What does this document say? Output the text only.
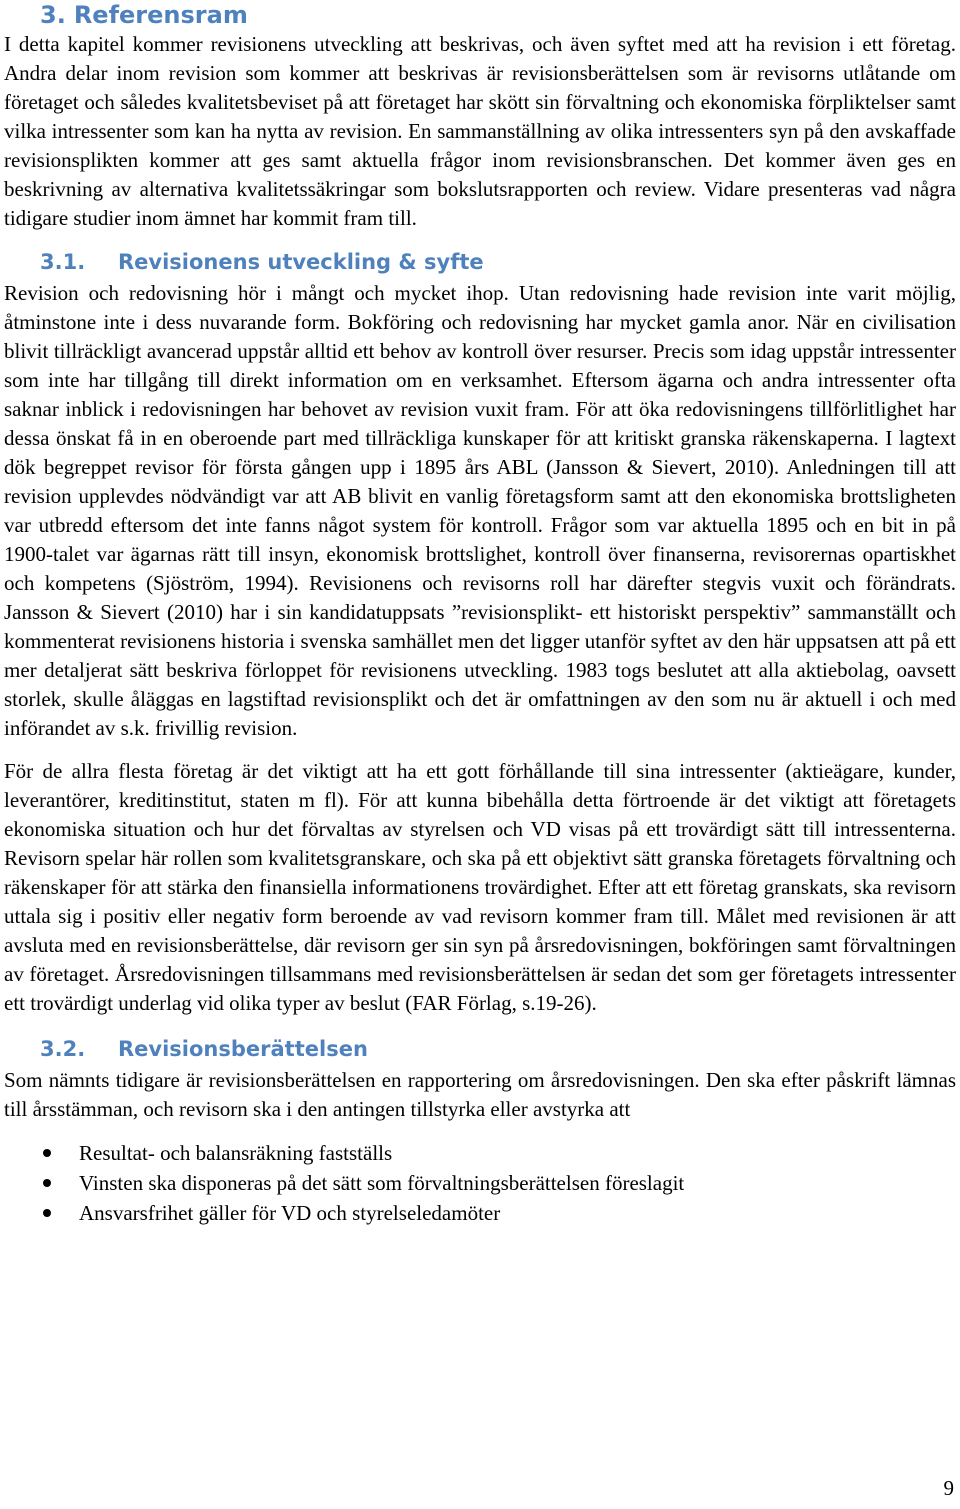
3. Referensram

I detta kapitel kommer revisionens utveckling att beskrivas, och även syftet med att ha revision i ett företag. Andra delar inom revision som kommer att beskrivas är revisionsberättelsen som är revisorns utlåtande om företaget och således kvalitetsbeviset på att företaget har skött sin förvaltning och ekonomiska förpliktelser samt vilka intressenter som kan ha nytta av revision. En sammanställning av olika intressenters syn på den avskaffade revisionsplikten kommer att ges samt aktuella frågor inom revisionsbranschen. Det kommer även ges en beskrivning av alternativa kvalitetssäkringar som bokslutsrapporten och review. Vidare presenteras vad några tidigare studier inom ämnet har kommit fram till.

3.1. Revisionens utveckling & syfte

Revision och redovisning hör i mångt och mycket ihop. Utan redovisning hade revision inte varit möjlig, åtminstone inte i dess nuvarande form. Bokföring och redovisning har mycket gamla anor. När en civilisation blivit tillräckligt avancerad uppstår alltid ett behov av kontroll över resurser. Precis som idag uppstår intressenter som inte har tillgång till direkt information om en verksamhet. Eftersom ägarna och andra intressenter ofta saknar inblick i redovisningen har behovet av revision vuxit fram. För att öka redovisningens tillförlitlighet har dessa önskat få in en oberoende part med tillräckliga kunskaper för att kritiskt granska räkenskaperna. I lagtext dök begreppet revisor för första gången upp i 1895 års ABL (Jansson & Sievert, 2010). Anledningen till att revision upplevdes nödvändigt var att AB blivit en vanlig företagsform samt att den ekonomiska brottsligheten var utbredd eftersom det inte fanns något system för kontroll. Frågor som var aktuella 1895 och en bit in på 1900-talet var ägarnas rätt till insyn, ekonomisk brottslighet, kontroll över finanserna, revisorernas opartiskhet och kompetens (Sjöström, 1994). Revisionens och revisorns roll har därefter stegvis vuxit och förändrats. Jansson & Sievert (2010) har i sin kandidatuppsats ”revisionsplikt- ett historiskt perspektiv” sammanställt och kommenterat revisionens historia i svenska samhället men det ligger utanför syftet av den här uppsatsen att på ett mer detaljerat sätt beskriva förloppet för revisionens utveckling. 1983 togs beslutet att alla aktiebolag, oavsett storlek, skulle åläggas en lagstiftad revisionsplikt och det är omfattningen av den som nu är aktuell i och med införandet av s.k. frivillig revision.

För de allra flesta företag är det viktigt att ha ett gott förhållande till sina intressenter (aktieägare, kunder, leverantörer, kreditinstitut, staten m fl). För att kunna bibehålla detta förtroende är det viktigt att företagets ekonomiska situation och hur det förvaltas av styrelsen och VD visas på ett trovärdigt sätt till intressenterna. Revisorn spelar här rollen som kvalitetsgranskare, och ska på ett objektivt sätt granska företagets förvaltning och räkenskaper för att stärka den finansiella informationens trovärdighet. Efter att ett företag granskats, ska revisorn uttala sig i positiv eller negativ form beroende av vad revisorn kommer fram till. Målet med revisionen är att avsluta med en revisionsberättelse, där revisorn ger sin syn på årsredovisningen, bokföringen samt förvaltningen av företaget. Årsredovisningen tillsammans med revisionsberättelsen är sedan det som ger företagets intressenter ett trovärdigt underlag vid olika typer av beslut (FAR Förlag, s.19-26).

3.2. Revisionsberättelsen

Som nämnts tidigare är revisionsberättelsen en rapportering om årsredovisningen. Den ska efter påskrift lämnas till årsstämman, och revisorn ska i den antingen tillstyrka eller avstyrka att

Resultat- och balansräkning fastställs
Vinsten ska disponeras på det sätt som förvaltningsberättelsen föreslagit
Ansvarsfrihet gäller för VD och styrelseledamöter
9
